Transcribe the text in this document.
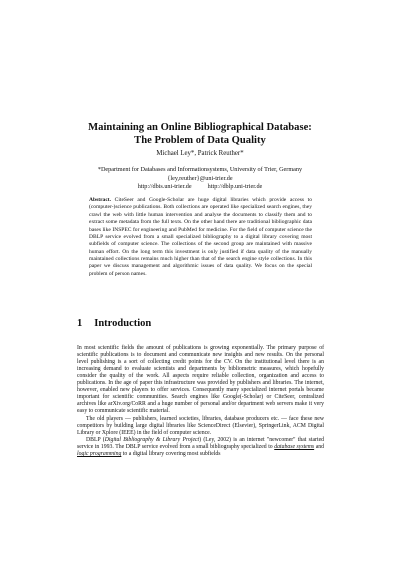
Maintaining an Online Bibliographical Database:
The Problem of Data Quality
Michael Ley*, Patrick Reuther*
*Department for Databases and Informationsystems, University of Trier, Germany
{ley,reuther}@uni-trier.de
http://dbis.uni-trier.de	http://dblp.uni-trier.de
Abstract. CiteSeer and Google-Scholar are huge digital libraries which provide access to (computer-)science publications. Both collections are operated like specialized search engines, they crawl the web with little human intervention and analyse the documents to classify them and to extract some metadata from the full texts. On the other hand there are traditional bibliographic data bases like INSPEC for engineering and PubMed for medicine. For the field of computer science the DBLP service evolved from a small specialized bibliography to a digital library covering most subfields of computer science. The collections of the second group are maintained with massive human effort. On the long term this investment is only justified if data quality of the manually maintained collections remains much higher than that of the search engine style collections. In this paper we discuss management and algorithmic issues of data quality. We focus on the special problem of person names.
1 Introduction

In most scientific fields the amount of publications is growing exponentially. The primary purpose of scientific publications is to document and communicate new insights and new results. On the personal level publishing is a sort of collecting credit points for the CV. On the institutional level there is an increasing demand to evaluate scientists and departments by bibliometric measures, which hopefully consider the quality of the work. All aspects require reliable collection, organization and access to publications. In the age of paper this infrastructure was provided by publishers and libraries. The internet, however, enabled new players to offer services. Consequently many specialized internet portals became important for scientific communities. Search engines like Google(-Scholar) or CiteSeer, centralized archives like arXiv.org/CoRR and a huge number of personal and/or department web servers make it very easy to communicate scientific material.

The old players — publishers, learned societies, libraries, database producers etc. — face these new competitors by building large digital libraries like ScienceDirect (Elsevier), SpringerLink, ACM Digital Library or Xplore (IEEE) in the field of computer science.

DBLP (Digital Bibliography & Library Project) (Ley, 2002) is an internet "newcomer" that started service in 1993. The DBLP service evolved from a small bibliography specialized to database systems and logic programming to a digital library covering most subfields
